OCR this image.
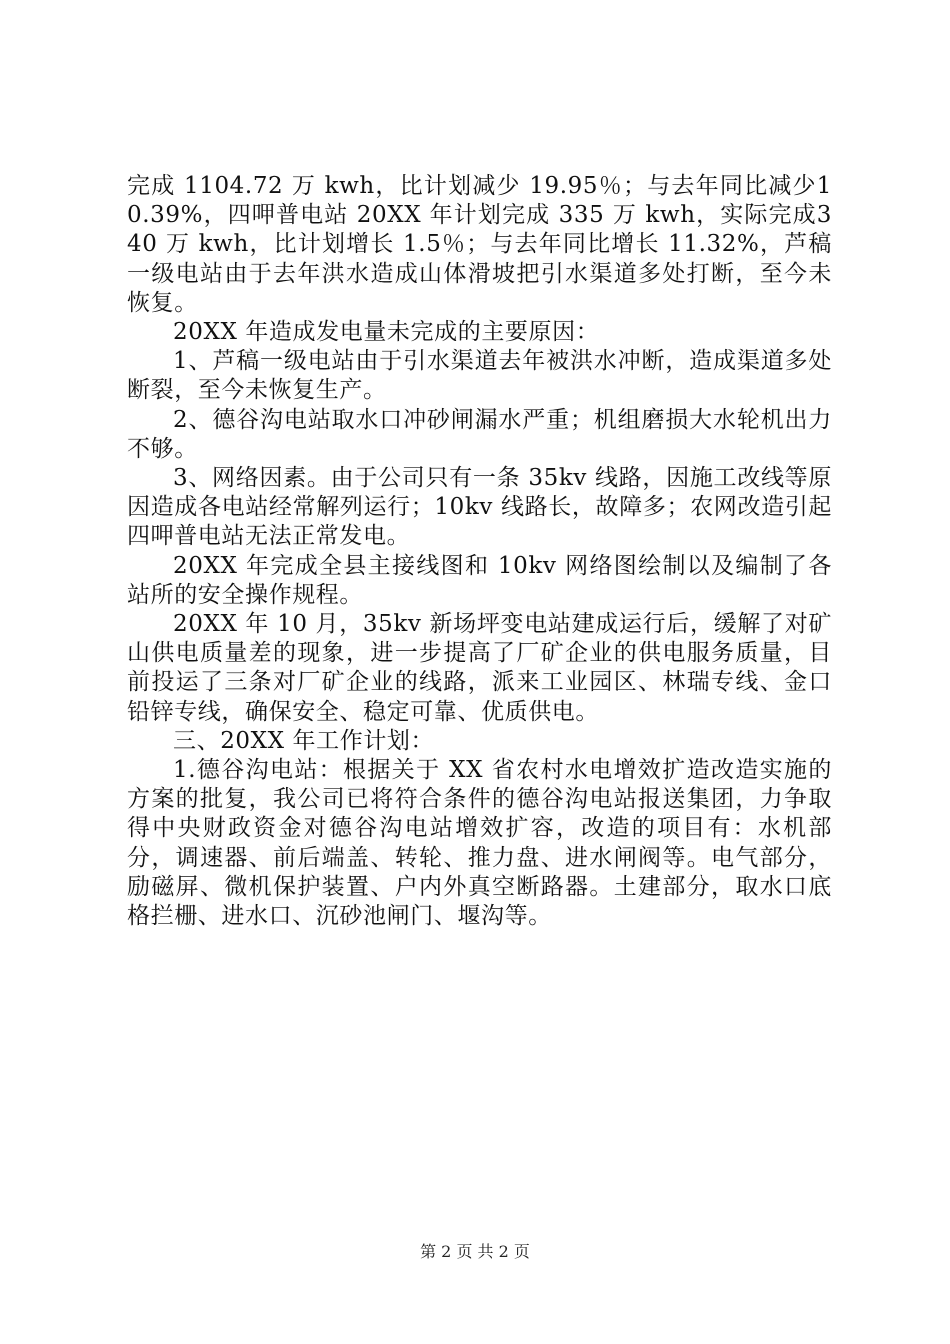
完成 1104.72 万 kwh，比计划减少 19.95％；与去年同比减少10.39%，四呷普电站 20XX 年计划完成 335 万 kwh，实际完成340 万 kwh，比计划增长 1.5％；与去年同比增长 11.32%，芦稿一级电站由于去年洪水造成山体滑坡把引水渠道多处打断，至今未恢复。

20XX 年造成发电量未完成的主要原因：

1、芦稿一级电站由于引水渠道去年被洪水冲断，造成渠道多处断裂，至今未恢复生产。

2、德谷沟电站取水口冲砂闸漏水严重；机组磨损大水轮机出力不够。

3、网络因素。由于公司只有一条 35kv 线路，因施工改线等原因造成各电站经常解列运行；10kv 线路长，故障多；农网改造引起四呷普电站无法正常发电。

20XX 年完成全县主接线图和 10kv 网络图绘制以及编制了各站所的安全操作规程。

20XX 年 10 月，35kv 新场坪变电站建成运行后，缓解了对矿山供电质量差的现象，进一步提高了厂矿企业的供电服务质量，目前投运了三条对厂矿企业的线路，派来工业园区、林瑞专线、金口铅锌专线，确保安全、稳定可靠、优质供电。

三、20XX 年工作计划：

1.德谷沟电站：根据关于 XX 省农村水电增效扩造改造实施的方案的批复，我公司已将符合条件的德谷沟电站报送集团，力争取得中央财政资金对德谷沟电站增效扩容，改造的项目有：水机部分，调速器、前后端盖、转轮、推力盘、进水闸阀等。电气部分，励磁屏、微机保护装置、户内外真空断路器。土建部分，取水口底格拦栅、进水口、沉砂池闸门、堰沟等。

第 2 页 共 2 页
